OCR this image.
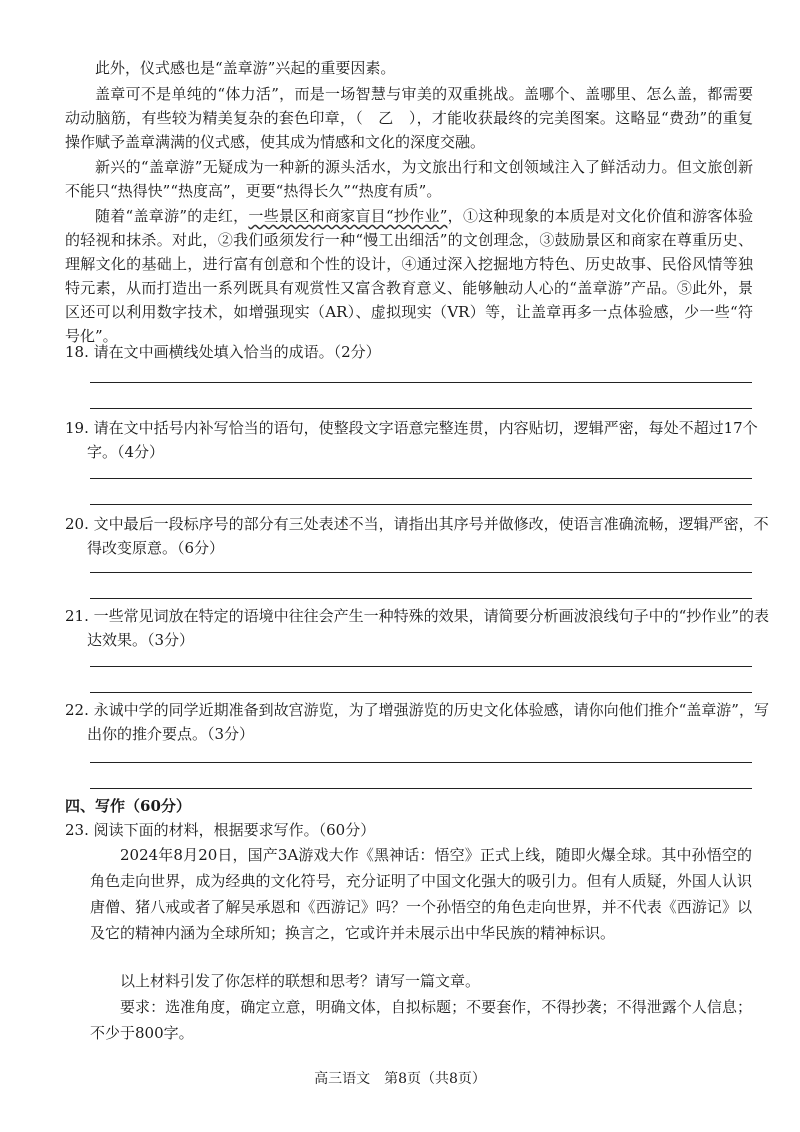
此外，仪式感也是“盖章游”兴起的重要因素。

盖章可不是单纯的“体力活”，而是一场智慧与审美的双重挑战。盖哪个、盖哪里、怎么盖，都需要动动脑筋，有些较为精美复杂的套色印章，（　乙　），才能收获最终的完美图案。这略显“费劲”的重复操作赋予盖章满满的仪式感，使其成为情感和文化的深度交融。

新兴的“盖章游”无疑成为一种新的源头活水，为文旅出行和文创领域注入了鲜活动力。但文旅创新不能只“热得快”“热度高”，更要“热得长久”“热度有质”。

随着“盖章游”的走红，一些景区和商家盲目“抄作业”，①这种现象的本质是对文化价值和游客体验的轻视和抹杀。对此，②我们亟须发行一种“慢工出细活”的文创理念，③鼓励景区和商家在尊重历史、理解文化的基础上，进行富有创意和个性的设计，④通过深入挖掘地方特色、历史故事、民俗风情等独特元素，从而打造出一系列既具有观赏性又富含教育意义、能够触动人心的“盖章游”产品。⑤此外，景区还可以利用数字技术，如增强现实（AR）、虚拟现实（VR）等，让盖章再多一点体验感，少一些“符号化”。

18. 请在文中画横线处填入恰当的成语。（2分）

19. 请在文中括号内补写恰当的语句，使整段文字语意完整连贯，内容贴切，逻辑严密，每处不超过17个字。（4分）

20. 文中最后一段标序号的部分有三处表述不当，请指出其序号并做修改，使语言准确流畅，逻辑严密，不得改变原意。（6分）

21. 一些常见词放在特定的语境中往往会产生一种特殊的效果，请简要分析画波浪线句子中的“抄作业”的表达效果。（3分）

22. 永诚中学的同学近期准备到故宫游览，为了增强游览的历史文化体验感，请你向他们推介“盖章游”，写出你的推介要点。（3分）

四、写作（60分）

23. 阅读下面的材料，根据要求写作。（60分）

2024年8月20日，国产3A游戏大作《黑神话：悟空》正式上线，随即火爆全球。其中孙悟空的角色走向世界，成为经典的文化符号，充分证明了中国文化强大的吸引力。但有人质疑，外国人认识唐僧、猪八戒或者了解吴承恩和《西游记》吗？一个孙悟空的角色走向世界，并不代表《西游记》以及它的精神内涵为全球所知；换言之，它或许并未展示出中华民族的精神标识。

以上材料引发了你怎样的联想和思考？请写一篇文章。

要求：选准角度，确定立意，明确文体，自拟标题；不要套作，不得抄袭；不得泄露个人信息；不少于800字。

高三语文　第8页（共8页）
